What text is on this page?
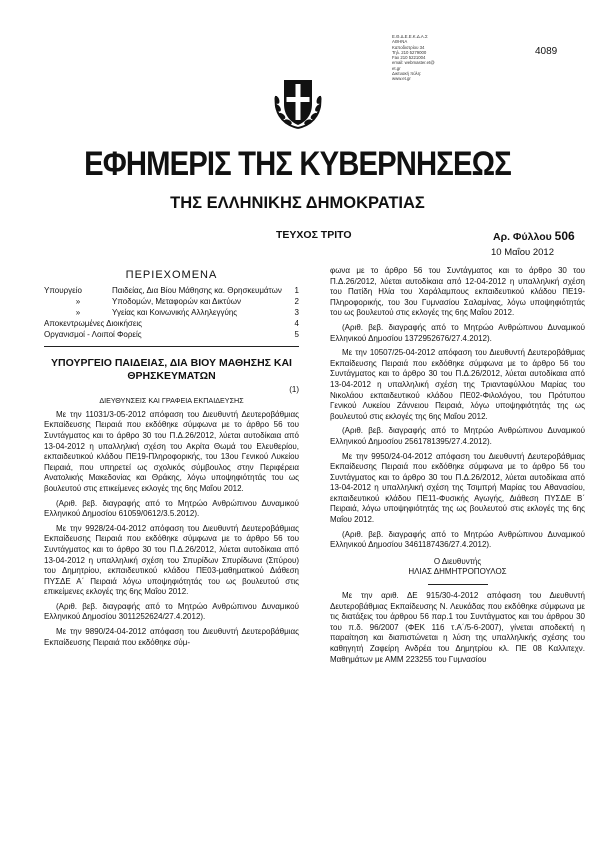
Ε.Θ.Δ.Ε.Ε.Κ.Δ.Α.Σ
ΑΘΗΝΑ
Καποδιστρίου 34
Τηλ. 210 5279000
Fax 210 5221004
email: webmaster.et@
et.gr
Δικτυακή πύλη:
www.et.gr
4089
ΕΦΗΜΕΡΙΣ ΤΗΣ ΚΥΒΕΡΝΗΣΕΩΣ
ΤΗΣ ΕΛΛΗΝΙΚΗΣ ΔΗΜΟΚΡΑΤΙΑΣ
ΤΕΥΧΟΣ ΤΡΙΤΟ	Αρ. Φύλλου 506
10 Μαΐου 2012
ΠΕΡΙΕΧΟΜΕΝΑ
Υπουργείο	Παιδείας, Δια Βίου Μάθησης κα. Θρησκευμάτων	1
»	Υποδομών, Μεταφορών και Δικτύων	2
»	Υγείας και Κοινωνικής Αλληλεγγύης	3
Αποκεντρωμένες Διοικήσεις	4
Οργανισμοί - Λοιποί Φορείς	5
ΥΠΟΥΡΓΕΙΟ ΠΑΙΔΕΙΑΣ, ΔΙΑ ΒΙΟΥ ΜΑΘΗΣΗΣ ΚΑΙ ΘΡΗΣΚΕΥΜΑΤΩΝ
(1)
ΔΙΕΥΘΥΝΣΕΙΣ ΚΑΙ ΓΡΑΦΕΙΑ ΕΚΠΑΙΔΕΥΣΗΣ

Με την 11031/3-05-2012 απόφαση του Διευθυντή Δευτεροβάθμιας Εκπαίδευσης Πειραιά που εκδόθηκε σύμφωνα με το άρθρο 56 του Συντάγματος και το άρθρο 30 του Π.Δ.26/2012, λύεται αυτοδίκαια από 13-04-2012 η υπαλληλική σχέση του Ακρίτα Θωμά του Ελευθερίου, εκπαιδευτικού κλάδου ΠΕ19-Πληροφορικής, του 13ου Γενικού Λυκείου Πειραιά, που υπηρετεί ως σχολικός σύμβουλος στην Περιφέρεια Ανατολικής Μακεδονίας και Θράκης, λόγω υποψηφιότητάς του ως βουλευτού στις επικείμενες εκλογές της 6ης Μαΐου 2012.

(Αριθ. βεβ. διαγραφής από το Μητρώο Ανθρώπινου Δυναμικού Ελληνικού Δημοσίου 61059/0612/3.5.2012).

Με την 9928/24-04-2012 απόφαση του Διευθυντή Δευτεροβάθμιας Εκπαίδευσης Πειραιά που εκδόθηκε σύμφωνα με το άρθρο 56 του Συντάγματος και το άρθρο 30 του Π.Δ.26/2012, λύεται αυτοδίκαια από 13-04-2012 η υπαλληλική σχέση του Σπυρίδων Σπυρίδωνα (Σπύρου) του Δημητρίου, εκπαιδευτικού κλάδου ΠΕ03-μαθηματικού Διάθεση ΠΥΣΔΕ Α΄ Πειραιά λόγω υποψηφιότητάς του ως βουλευτού στις επικείμενες εκλογές της 6ης Μαΐου 2012.

(Αριθ. βεβ. διαγραφής από το Μητρώο Ανθρώπινου Δυναμικού Ελληνικού Δημοσίου 3011252624/27.4.2012).

Με την 9890/24-04-2012 απόφαση του Διευθυντή Δευτεροβάθμιας Εκπαίδευσης Πειραιά που εκδόθηκε σύμ-

φωνα με το άρθρο 56 του Συντάγματος και το άρθρο 30 του Π.Δ.26/2012, λύεται αυτοδίκαια από 12-04-2012 η υπαλληλική σχέση του Πατίδη Ηλία του Χαράλαμπους εκπαιδευτικού κλάδου ΠΕ19-Πληροφορικής, του 3ου Γυμνασίου Σαλαμίνας, λόγω υποψηφιότητάς του ως βουλευτού στις εκλογές της 6ης Μαΐου 2012.

(Αριθ. βεβ. διαγραφής από το Μητρώο Ανθρώπινου Δυναμικού Ελληνικού Δημοσίου 1372952676/27.4.2012).

Με την 10507/25-04-2012 απόφαση του Διευθυντή Δευτεροβάθμιας Εκπαίδευσης Πειραιά που εκδόθηκε σύμφωνα με το άρθρο 56 του Συντάγματος και το άρθρο 30 του Π.Δ.26/2012, λύεται αυτοδίκαια από 13-04-2012 η υπαλληλική σχέση της Τριανταφύλλου Μαρίας του Νικολάου εκπαιδευτικού κλάδου ΠΕ02-Φιλολόγου, του Πρότυπου Γενικού Λυκείου Ζάννειου Πειραιά, λόγω υποψηφιότητάς της ως βουλευτού στις εκλογές της 6ης Μαΐου 2012.

(Αριθ. βεβ. διαγραφής από το Μητρώο Ανθρώπινου Δυναμικού Ελληνικού Δημοσίου 2561781395/27.4.2012).

Με την 9950/24-04-2012 απόφαση του Διευθυντή Δευτεροβάθμιας Εκπαίδευσης Πειραιά που εκδόθηκε σύμφωνα με το άρθρο 56 του Συντάγματος και το άρθρο 30 του Π.Δ.26/2012, λύεται αυτοδίκαια από 13-04-2012 η υπαλληλική σχέση της Τσιμπρή Μαρίας του Αθανασίου, εκπαιδευτικού κλάδου ΠΕ11-Φυσικής Αγωγής, Διάθεση ΠΥΣΔΕ Β΄ Πειραιά, λόγω υποψηφιότητάς της ως βουλευτού στις εκλογές της 6ης Μαΐου 2012.

(Αριθ. βεβ. διαγραφής από το Μητρώο Ανθρώπινου Δυναμικού Ελληνικού Δημοσίου 3461187436/27.4.2012).

Ο Διευθυντής

ΗΛΙΑΣ ΔΗΜΗΤΡΟΠΟΥΛΟΣ

Με την αριθ. ΔΕ 915/30-4-2012 απόφαση του Διευθυντή Δευτεροβάθμιας Εκπαίδευσης Ν. Λευκάδας που εκδόθηκε σύμφωνα με τις διατάξεις του άρθρου 56 παρ.1 του Συντάγματος και του άρθρου 30 του π.δ. 96/2007 (ΦΕΚ 116 τ.Α΄/5-6-2007), γίνεται αποδεκτή η παραίτηση και διαπιστώνεται η λύση της υπαλληλικής σχέσης του καθηγητή Ζαφείρη Ανδρέα του Δημητρίου κλ. ΠΕ 08 Καλλιτεχν. Μαθημάτων με ΑΜΜ 223255 του Γυμνασίου
